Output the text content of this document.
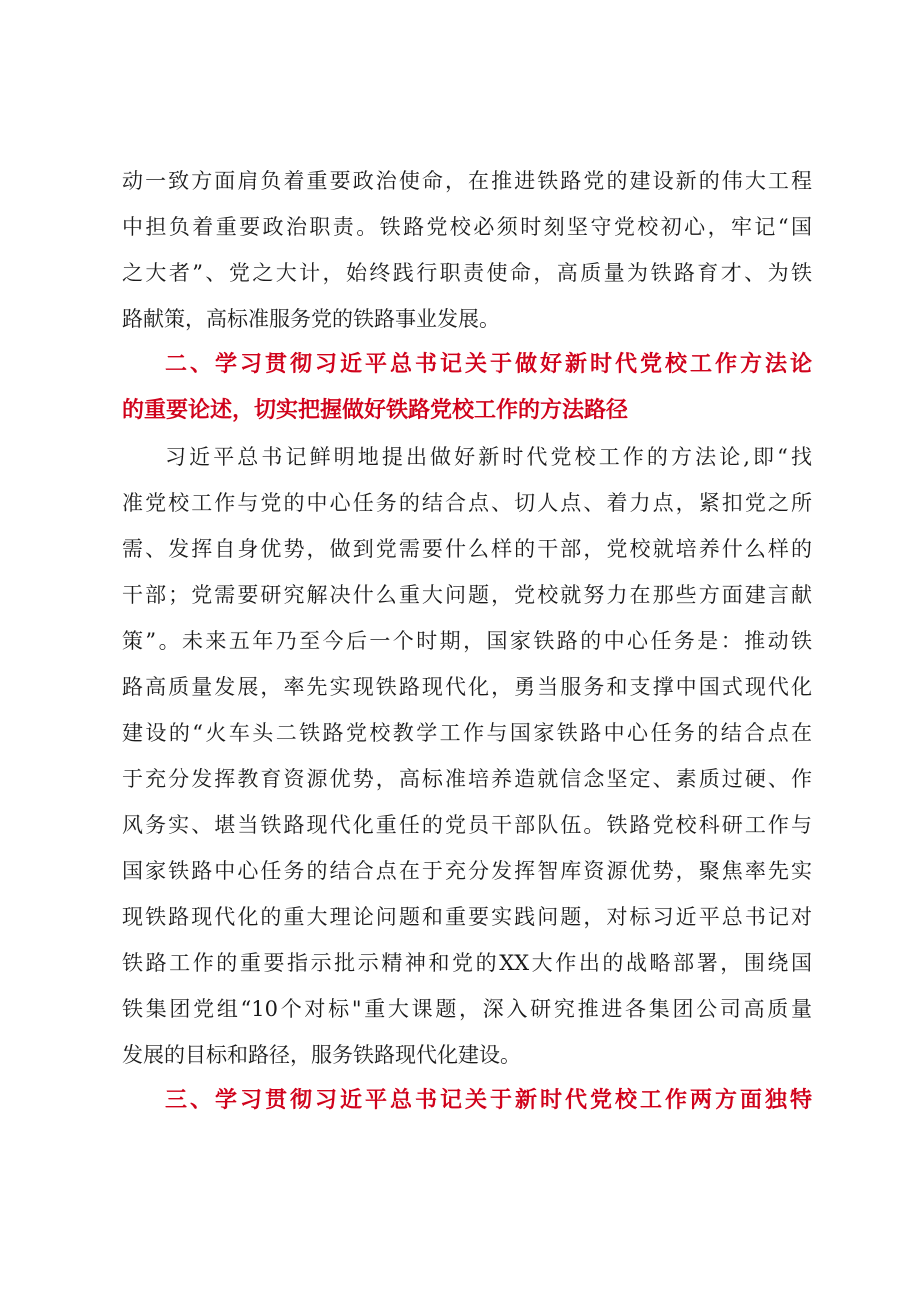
动一致方面肩负着重要政治使命，在推进铁路党的建设新的伟大工程
中担负着重要政治职责。铁路党校必须时刻坚守党校初心，牢记“国
之大者”、党之大计，始终践行职责使命，高质量为铁路育才、为铁
路献策，高标准服务党的铁路事业发展。
二、学习贯彻习近平总书记关于做好新时代党校工作方法论
的重要论述，切实把握做好铁路党校工作的方法路径
习近平总书记鲜明地提出做好新时代党校工作的方法论,即“找
准党校工作与党的中心任务的结合点、切人点、着力点，紧扣党之所
需、发挥自身优势，做到党需要什么样的干部，党校就培养什么样的
干部；党需要研究解决什么重大问题，党校就努力在那些方面建言献
策”。未来五年乃至今后一个时期，国家铁路的中心任务是：推动铁
路高质量发展，率先实现铁路现代化，勇当服务和支撑中国式现代化
建设的“火车头二铁路党校教学工作与国家铁路中心任务的结合点在
于充分发挥教育资源优势，高标准培养造就信念坚定、素质过硬、作
风务实、堪当铁路现代化重任的党员干部队伍。铁路党校科研工作与
国家铁路中心任务的结合点在于充分发挥智库资源优势，聚焦率先实
现铁路现代化的重大理论问题和重要实践问题，对标习近平总书记对
铁路工作的重要指示批示精神和党的XX大作出的战略部署，围绕国
铁集团党组“10个对标"重大课题，深入研究推进各集团公司高质量
发展的目标和路径，服务铁路现代化建设。
三、学习贯彻习近平总书记关于新时代党校工作两方面独特
